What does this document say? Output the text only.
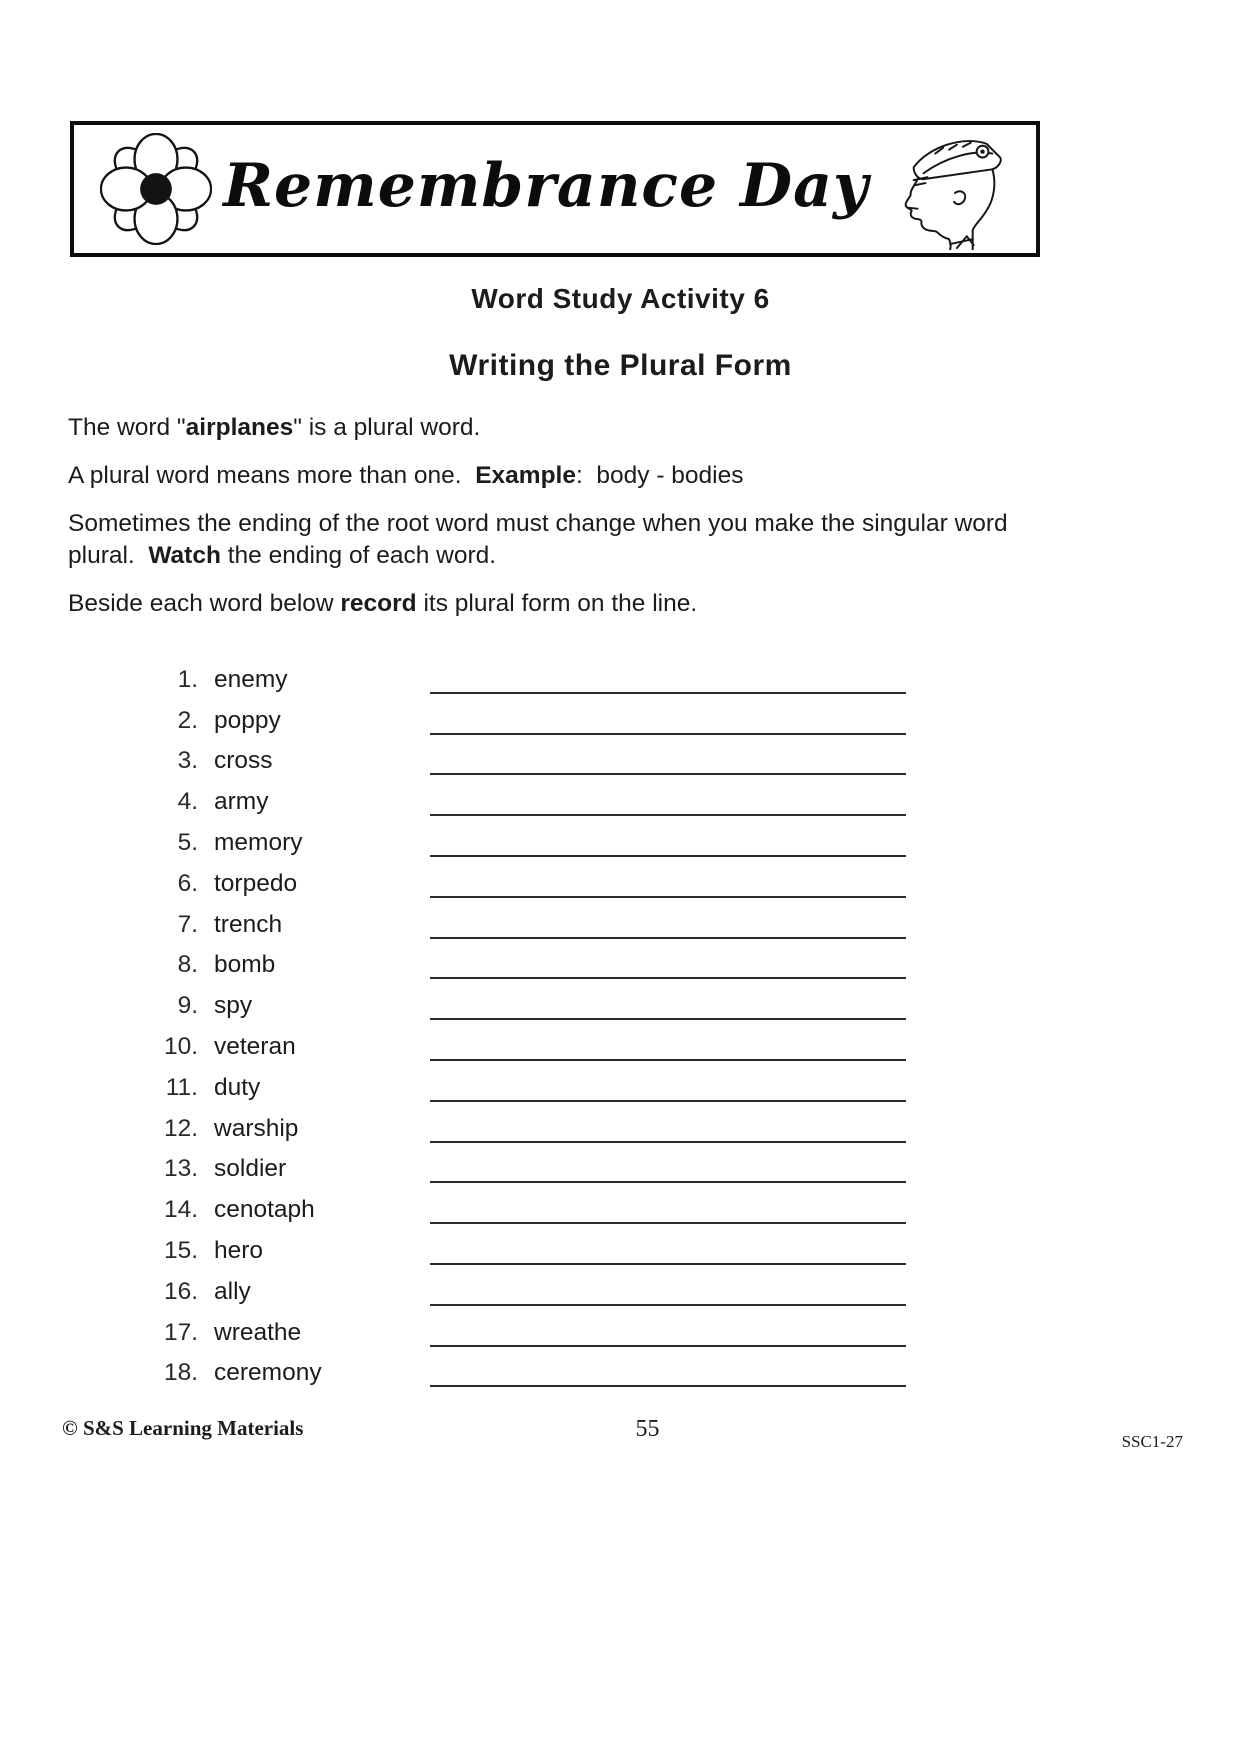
Remembrance Day
Word Study Activity 6
Writing the Plural Form

The word "airplanes" is a plural word.

A plural word means more than one.  Example:  body - bodies

Sometimes the ending of the root word must change when you make the singular word plural.  Watch the ending of each word.

Beside each word below record its plural form on the line.

1. enemy
2. poppy
3. cross
4. army
5. memory
6. torpedo
7. trench
8. bomb
9. spy
10. veteran
11. duty
12. warship
13. soldier
14. cenotaph
15. hero
16. ally
17. wreathe
18. ceremony
© S&S Learning Materials	55	SSC1-27
